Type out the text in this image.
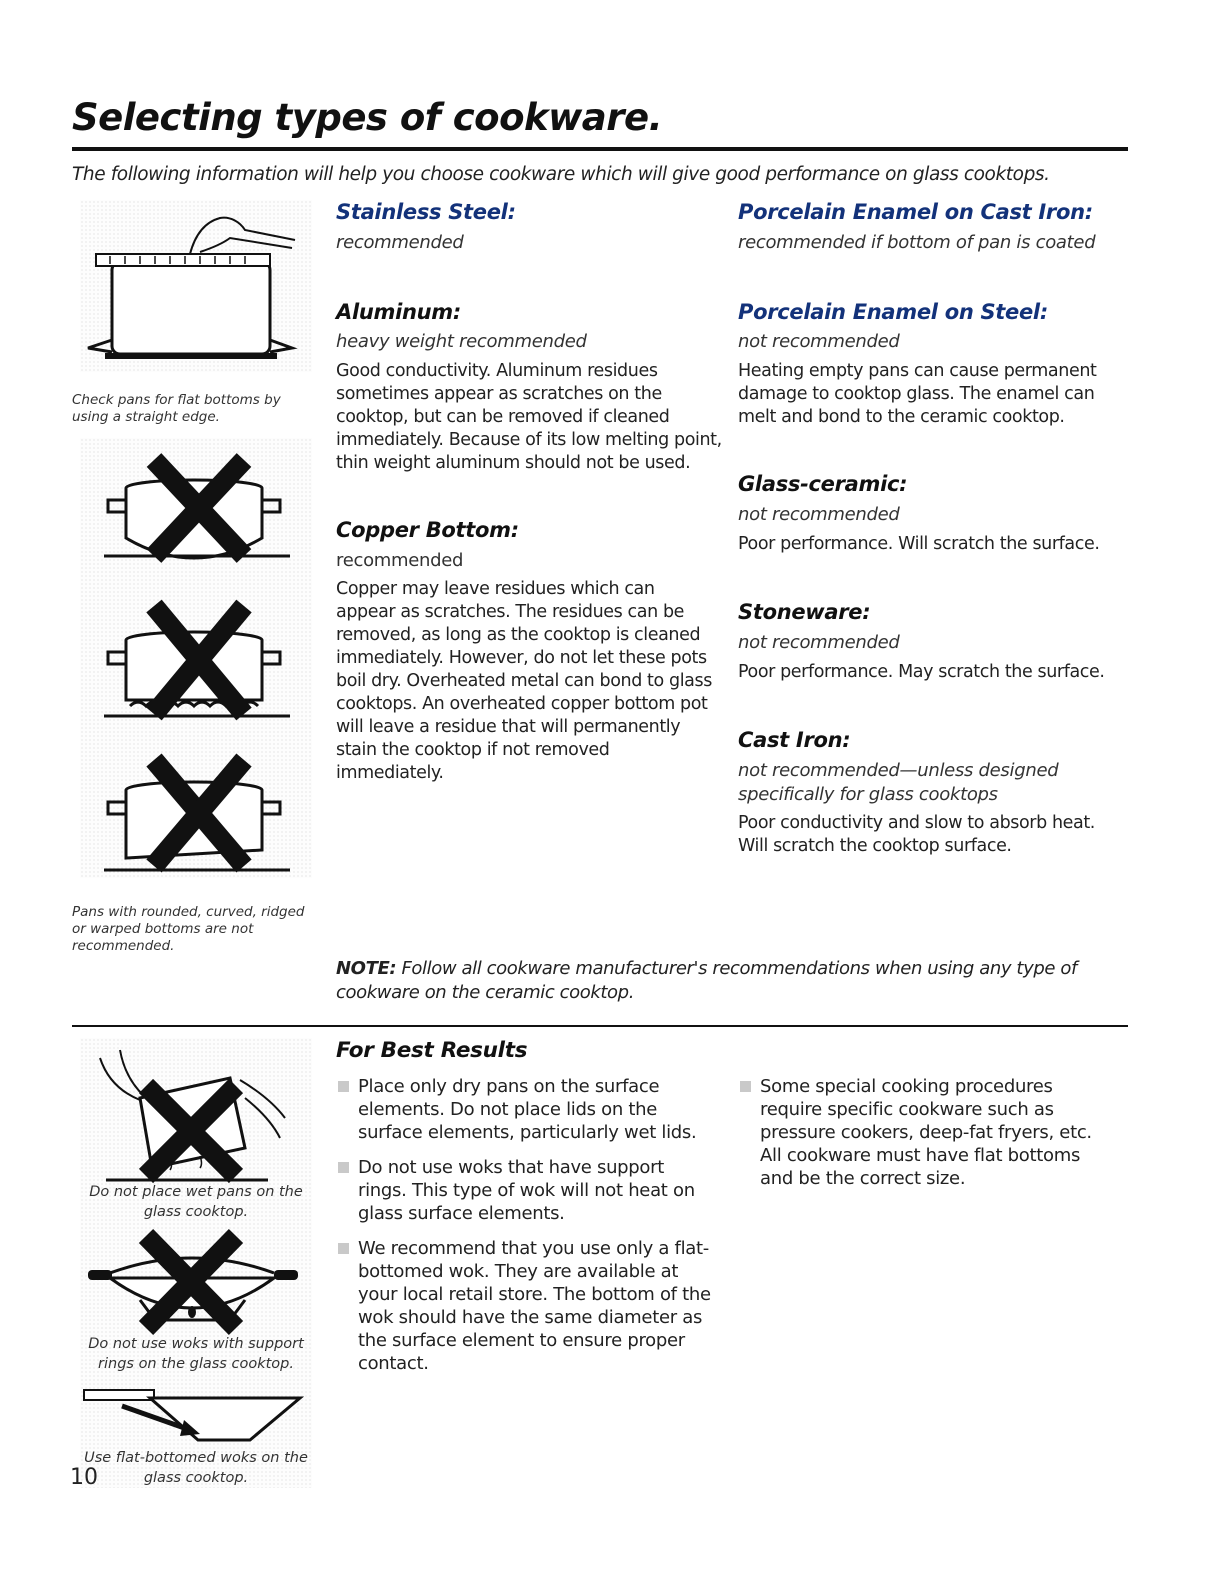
Selecting types of cookware.
The following information will help you choose cookware which will give good performance on glass cooktops.
Check pans for flat bottoms by using a straight edge.
Pans with rounded, curved, ridged or warped bottoms are not recommended.
Stainless Steel:
recommended
Aluminum:
heavy weight recommended
Good conductivity. Aluminum residues sometimes appear as scratches on the cooktop, but can be removed if cleaned immediately. Because of its low melting point, thin weight aluminum should not be used.
Copper Bottom:
recommended
Copper may leave residues which can appear as scratches. The residues can be removed, as long as the cooktop is cleaned immediately. However, do not let these pots boil dry. Overheated metal can bond to glass cooktops. An overheated copper bottom pot will leave a residue that will permanently stain the cooktop if not removed immediately.
Porcelain Enamel on Cast Iron:
recommended if bottom of pan is coated
Porcelain Enamel on Steel:
not recommended
Heating empty pans can cause permanent damage to cooktop glass. The enamel can melt and bond to the ceramic cooktop.
Glass-ceramic:
not recommended
Poor performance. Will scratch the surface.
Stoneware:
not recommended
Poor performance. May scratch the surface.
Cast Iron:
not recommended—unless designed specifically for glass cooktops
Poor conductivity and slow to absorb heat. Will scratch the cooktop surface.
NOTE: Follow all cookware manufacturer's recommendations when using any type of cookware on the ceramic cooktop.
Do not place wet pans on the glass cooktop.
Do not use woks with support rings on the glass cooktop.
Use flat-bottomed woks on the glass cooktop.
For Best Results
Place only dry pans on the surface elements. Do not place lids on the surface elements, particularly wet lids.
Do not use woks that have support rings. This type of wok will not heat on glass surface elements.
We recommend that you use only a flat-bottomed wok. They are available at your local retail store. The bottom of the wok should have the same diameter as the surface element to ensure proper contact.
Some special cooking procedures require specific cookware such as pressure cookers, deep-fat fryers, etc. All cookware must have flat bottoms and be the correct size.
10
